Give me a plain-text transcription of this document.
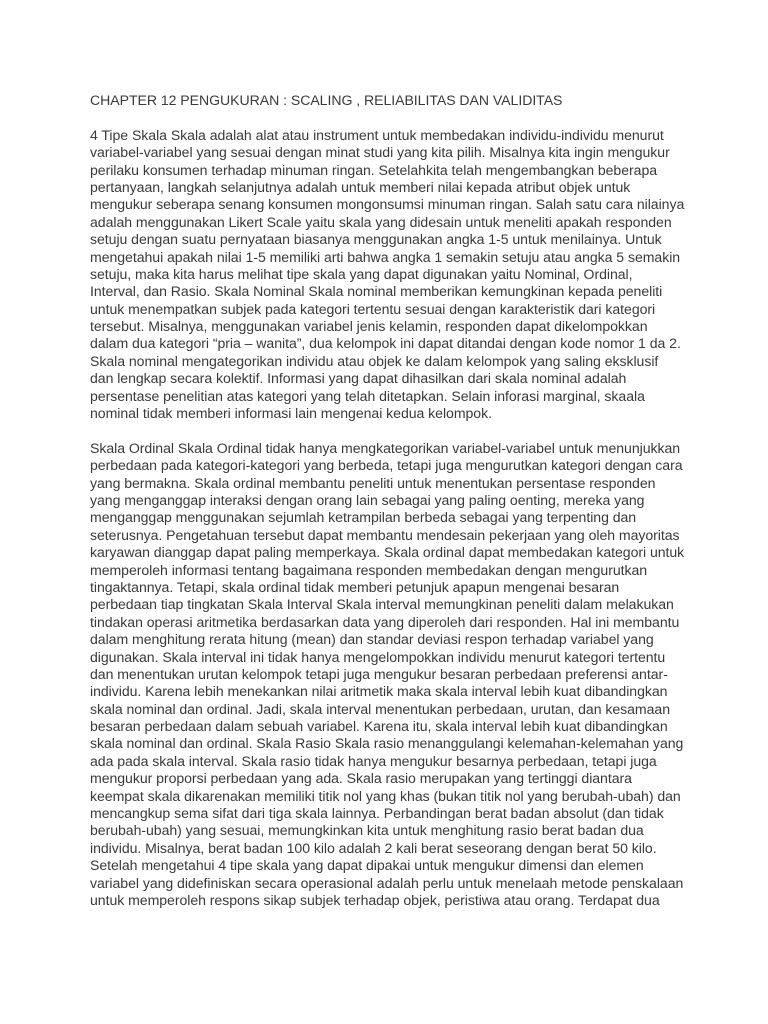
CHAPTER 12 PENGUKURAN : SCALING , RELIABILITAS DAN VALIDITAS
4 Tipe Skala Skala adalah alat atau instrument untuk membedakan individu-individu menurut
variabel-variabel yang sesuai dengan minat studi yang kita pilih. Misalnya kita ingin mengukur
perilaku konsumen terhadap minuman ringan. Setelahkita telah mengembangkan beberapa
pertanyaan, langkah selanjutnya adalah untuk memberi nilai kepada atribut objek untuk
mengukur seberapa senang konsumen mongonsumsi minuman ringan. Salah satu cara nilainya
adalah menggunakan Likert Scale yaitu skala yang didesain untuk meneliti apakah responden
setuju dengan suatu pernyataan biasanya menggunakan angka 1-5 untuk menilainya. Untuk
mengetahui apakah nilai 1-5 memiliki arti bahwa angka 1 semakin setuju atau angka 5 semakin
setuju, maka kita harus melihat tipe skala yang dapat digunakan yaitu Nominal, Ordinal,
Interval, dan Rasio. Skala Nominal Skala nominal memberikan kemungkinan kepada peneliti
untuk menempatkan subjek pada kategori tertentu sesuai dengan karakteristik dari kategori
tersebut. Misalnya, menggunakan variabel jenis kelamin, responden dapat dikelompokkan
dalam dua kategori “pria – wanita”, dua kelompok ini dapat ditandai dengan kode nomor 1 da 2.
Skala nominal mengategorikan individu atau objek ke dalam kelompok yang saling eksklusif
dan lengkap secara kolektif. Informasi yang dapat dihasilkan dari skala nominal adalah
persentase penelitian atas kategori yang telah ditetapkan. Selain inforasi marginal, skaala
nominal tidak memberi informasi lain mengenai kedua kelompok.
Skala Ordinal Skala Ordinal tidak hanya mengkategorikan variabel-variabel untuk menunjukkan
perbedaan pada kategori-kategori yang berbeda, tetapi juga mengurutkan kategori dengan cara
yang bermakna. Skala ordinal membantu peneliti untuk menentukan persentase responden
yang menganggap interaksi dengan orang lain sebagai yang paling oenting, mereka yang
menganggap menggunakan sejumlah ketrampilan berbeda sebagai yang terpenting dan
seterusnya. Pengetahuan tersebut dapat membantu mendesain pekerjaan yang oleh mayoritas
karyawan dianggap dapat paling memperkaya. Skala ordinal dapat membedakan kategori untuk
memperoleh informasi tentang bagaimana responden membedakan dengan mengurutkan
tingaktannya. Tetapi, skala ordinal tidak memberi petunjuk apapun mengenai besaran
perbedaan tiap tingkatan Skala Interval Skala interval memungkinan peneliti dalam melakukan
tindakan operasi aritmetika berdasarkan data yang diperoleh dari responden. Hal ini membantu
dalam menghitung rerata hitung (mean) dan standar deviasi respon terhadap variabel yang
digunakan. Skala interval ini tidak hanya mengelompokkan individu menurut kategori tertentu
dan menentukan urutan kelompok tetapi juga mengukur besaran perbedaan preferensi antar-
individu. Karena lebih menekankan nilai aritmetik maka skala interval lebih kuat dibandingkan
skala nominal dan ordinal. Jadi, skala interval menentukan perbedaan, urutan, dan kesamaan
besaran perbedaan dalam sebuah variabel. Karena itu, skala interval lebih kuat dibandingkan
skala nominal dan ordinal. Skala Rasio Skala rasio menanggulangi kelemahan-kelemahan yang
ada pada skala interval. Skala rasio tidak hanya mengukur besarnya perbedaan, tetapi juga
mengukur proporsi perbedaan yang ada. Skala rasio merupakan yang tertinggi diantara
keempat skala dikarenakan memiliki titik nol yang khas (bukan titik nol yang berubah-ubah) dan
mencangkup sema sifat dari tiga skala lainnya. Perbandingan berat badan absolut (dan tidak
berubah-ubah) yang sesuai, memungkinkan kita untuk menghitung rasio berat badan dua
individu. Misalnya, berat badan 100 kilo adalah 2 kali berat seseorang dengan berat 50 kilo.
Setelah mengetahui 4 tipe skala yang dapat dipakai untuk mengukur dimensi dan elemen
variabel yang didefiniskan secara operasional adalah perlu untuk menelaah metode penskalaan
untuk memperoleh respons sikap subjek terhadap objek, peristiwa atau orang. Terdapat dua
